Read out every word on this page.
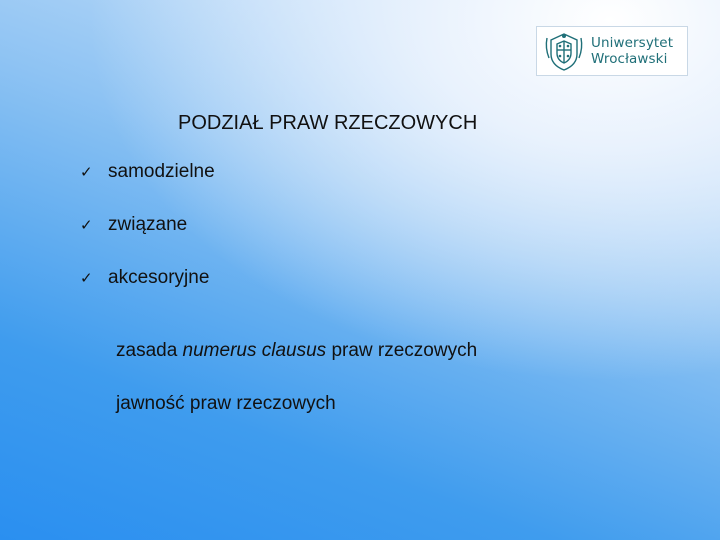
Uniwersytet
Wrocławski
PODZIAŁ PRAW RZECZOWYCH
✓ samodzielne
✓ związane
✓ akcesoryjne
zasada numerus clausus praw rzeczowych
jawność praw rzeczowych
